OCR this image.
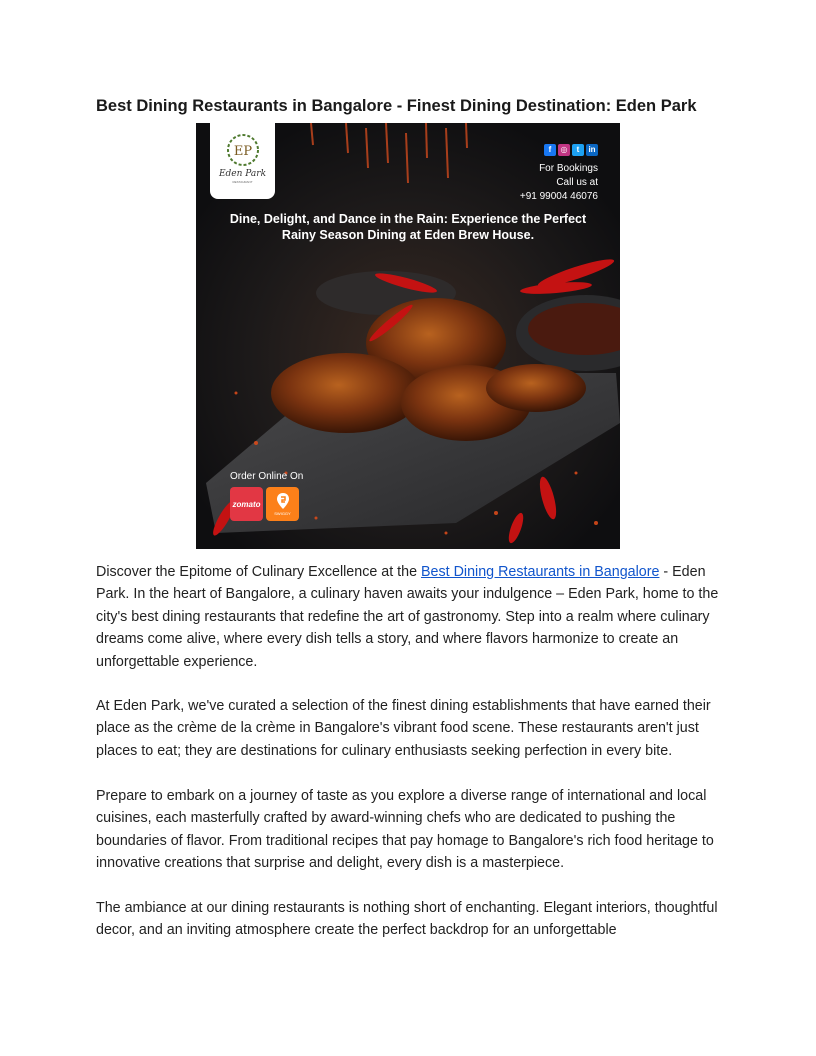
Best Dining Restaurants in Bangalore - Finest Dining Destination: Eden Park
EP
Eden Park
RESTAURANT
f	◎	t	in
For Bookings
Call us at
+91 99004 46076
Dine, Delight, and Dance in the Rain: Experience the Perfect Rainy Season Dining at Eden Brew House.
Order Online On
zomato
SWIGGY

Discover the Epitome of Culinary Excellence at the Best Dining Restaurants in Bangalore - Eden Park. In the heart of Bangalore, a culinary haven awaits your indulgence – Eden Park, home to the city's best dining restaurants that redefine the art of gastronomy. Step into a realm where culinary dreams come alive, where every dish tells a story, and where flavors harmonize to create an unforgettable experience.

At Eden Park, we've curated a selection of the finest dining establishments that have earned their place as the crème de la crème in Bangalore's vibrant food scene. These restaurants aren't just places to eat; they are destinations for culinary enthusiasts seeking perfection in every bite.

Prepare to embark on a journey of taste as you explore a diverse range of international and local cuisines, each masterfully crafted by award-winning chefs who are dedicated to pushing the boundaries of flavor. From traditional recipes that pay homage to Bangalore's rich food heritage to innovative creations that surprise and delight, every dish is a masterpiece.

The ambiance at our dining restaurants is nothing short of enchanting. Elegant interiors, thoughtful decor, and an inviting atmosphere create the perfect backdrop for an unforgettable
